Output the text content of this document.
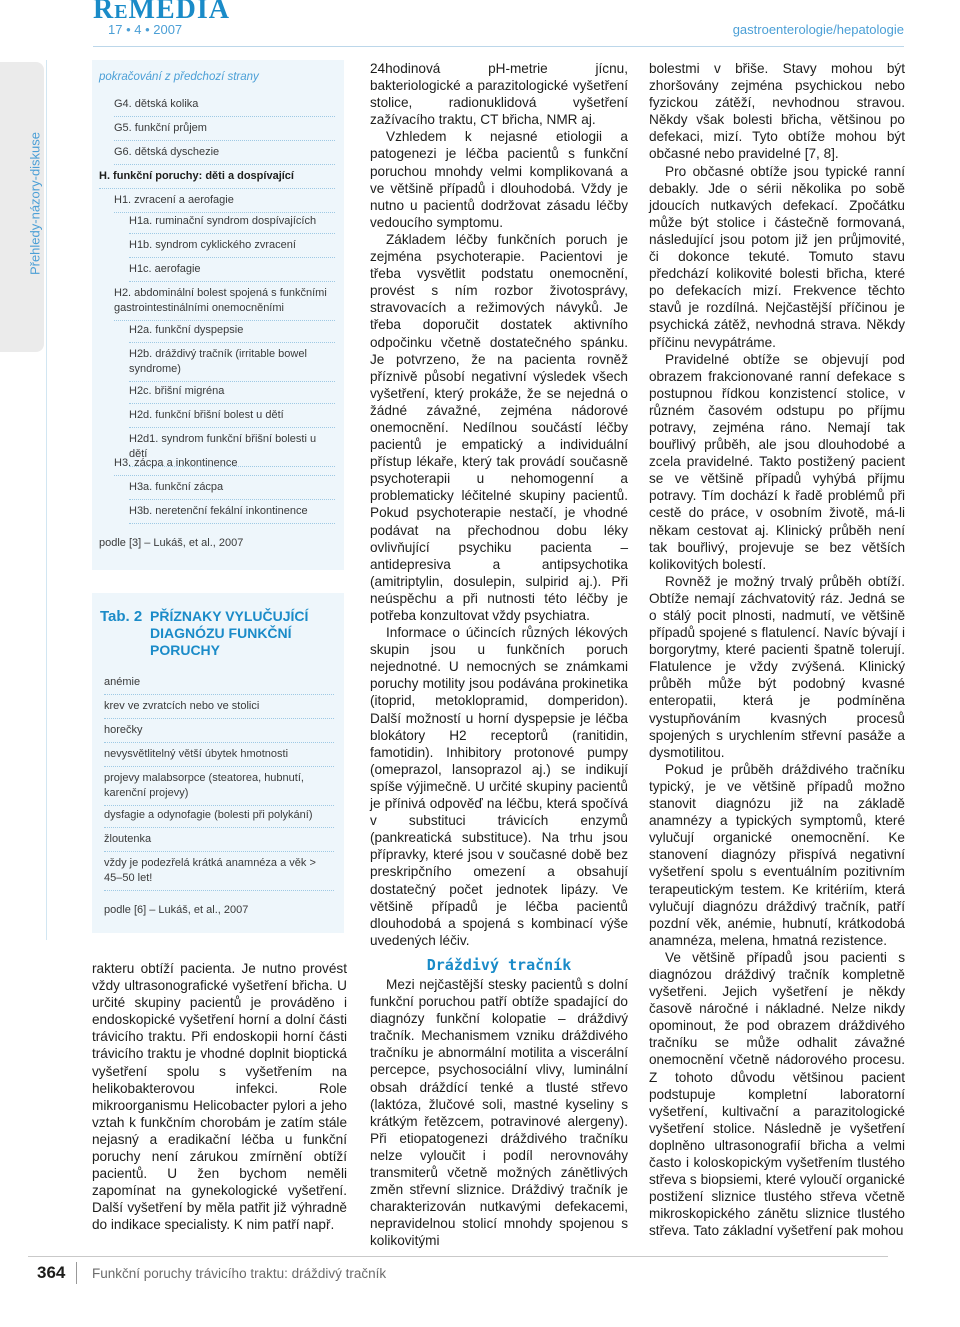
ReMEDIA
17 • 4 • 2007	gastroenterologie/hepatologie
Přehledy-názory-diskuse
pokračování z předchozí strany
G4. dětská kolika
G5. funkční průjem
G6. dětská dyschezie
H. funkční poruchy: děti a dospívající
H1. zvracení a aerofagie
H1a. ruminační syndrom dospívajících
H1b. syndrom cyklického zvracení
H1c. aerofagie
H2. abdominální bolest spojená s funkčními gastrointestinálními onemocněními
H2a. funkční dyspepsie
H2b. dráždivý tračník (irritable bowel syndrome)
H2c. břišní migréna
H2d. funkční břišní bolest u dětí
H2d1. syndrom funkční břišní bolesti u dětí
H3. zácpa a inkontinence
H3a. funkční zácpa
H3b. neretenční fekální inkontinence
podle [3] – Lukáš, et al., 2007
Tab. 2 PŘÍZNAKY VYLUČUJÍCÍ DIAGNÓZU FUNKČNÍ PORUCHY
anémie
krev ve zvratcích nebo ve stolici
horečky
nevysvětlitelný větší úbytek hmotnosti
projevy malabsorpce (steatorea, hubnutí, karenční projevy)
dysfagie a odynofagie (bolesti při polykání)
žloutenka
vždy je podezřelá krátká anamnéza a věk > 45–50 let!
podle [6] – Lukáš, et al., 2007

rakteru obtíží pacienta. Je nutno provést vždy ultrasonografické vyšetření břicha. U určité skupiny pacientů je prováděno i endoskopické vyšetření horní a dolní části trávicího traktu. Při endoskopii horní části trávicího traktu je vhodné doplnit bioptická vyšetření spolu s vyšetřením na helikobakterovou infekci. Role mikroorganismu Helicobacter pylori a jeho vztah k funkčním chorobám je zatím stále nejasný a eradikační léčba u funkční poruchy není zárukou zmírnění obtíží pacientů. U žen bychom neměli zapomínat na gynekologické vyšetření. Další vyšetření by měla patřit již výhradně do indikace specialisty. K nim patří např.

24hodinová pH-metrie jícnu, bakteriologické a parazitologické vyšetření stolice, radionuklidová vyšetření zažívacího traktu, CT břicha, NMR aj.

Vzhledem k nejasné etiologii a patogenezi je léčba pacientů s funkční poruchou mnohdy velmi komplikovaná a ve většině případů i dlouhodobá. Vždy je nutno u pacientů dodržovat zásadu léčby vedoucího symptomu.

Základem léčby funkčních poruch je zejména psychoterapie. Pacientovi je třeba vysvětlit podstatu onemocnění, provést s ním rozbor životosprávy, stravovacích a režimových návyků. Je třeba doporučit dostatek aktivního odpočinku včetně dostatečného spánku. Je potvrzeno, že na pacienta rovněž příznivě působí negativní výsledek všech vyšetření, který prokáže, že se nejedná o žádné závažné, zejména nádorové onemocnění. Nedílnou součástí léčby pacientů je empatický a individuální přístup lékaře, který tak provádí současně psychoterapii u nehomogenní a problematicky léčitelné skupiny pacientů. Pokud psychoterapie nestačí, je vhodné podávat na přechodnou dobu léky ovlivňující psychiku pacienta – antidepresiva a antipsychotika (amitriptylin, dosulepin, sulpirid aj.). Při neúspěchu a při nutnosti této léčby je potřeba konzultovat vždy psychiatra.

Informace o účincích různých lékových skupin jsou u funkčních poruch nejednotné. U nemocných se známkami poruchy motility jsou podávána prokinetika (itoprid, metoklopramid, domperidon). Další možností u horní dyspepsie je léčba blokátory H2 receptorů (ranitidin, famotidin). Inhibitory protonové pumpy (omeprazol, lansoprazol aj.) se indikují spíše výjimečně. U určité skupiny pacientů je přínivá odpověď na léčbu, která spočívá v substituci trávicích enzymů (pankreatická substituce). Na trhu jsou přípravky, které jsou v současné době bez preskripčního omezení a obsahují dostatečný počet jednotek lipázy. Ve většině případů je léčba pacientů dlouhodobá a spojená s kombinací výše uvedených léčiv.

Dráždivý tračník

Mezi nejčastější stesky pacientů s dolní funkční poruchou patří obtíže spadající do diagnózy funkční kolopatie – dráždivý tračník. Mechanismem vzniku dráždivého tračníku je abnormální motilita a viscerální percepce, psychosociální vlivy, luminální obsah dráždící tenké a tlusté střevo (laktóza, žlučové soli, mastné kyseliny s krátkým řetězcem, potravinové alergeny). Při etiopatogenezi dráždivého tračníku nelze vyloučit i podíl nerovnováhy transmiterů včetně možných zánětlivých změn střevní sliznice. Dráždivý tračník je charakterizován nutkavými defekacemi, nepravidelnou stolicí mnohdy spojenou s kolikovitými

bolestmi v břiše. Stavy mohou být zhoršovány zejména psychickou nebo fyzickou zátěží, nevhodnou stravou. Někdy však bolesti břicha, většinou po defekaci, mizí. Tyto obtíže mohou být občasné nebo pravidelné [7, 8].

Pro občasné obtíže jsou typické ranní debakly. Jde o sérii několika po sobě jdoucích nutkavých defekací. Zpočátku může být stolice i částečně formovaná, následující jsou potom již jen průjmovité, či dokonce tekuté. Tomuto stavu předchází kolikovité bolesti břicha, které po defekacích mizí. Frekvence těchto stavů je rozdílná. Nejčastější příčinou je psychická zátěž, nevhodná strava. Někdy příčinu nevypátráme.

Pravidelné obtíže se objevují pod obrazem frakcionované ranní defekace s postupnou řídkou konzistencí stolice, v různém časovém odstupu po příjmu potravy, zejména ráno. Nemají tak bouřlivý průběh, ale jsou dlouhodobé a zcela pravidelné. Takto postižený pacient se ve většině případů vyhýbá příjmu potravy. Tím dochází k řadě problémů při cestě do práce, v osobním životě, má-li někam cestovat aj. Klinický průběh není tak bouřlivý, projevuje se bez větších kolikovitých bolestí.

Rovněž je možný trvalý průběh obtíží. Obtíže nemají záchvatovitý ráz. Jedná se o stálý pocit plnosti, nadmutí, ve většině případů spojené s flatulencí. Navíc bývají i borgorytmy, které pacienti špatně tolerují. Flatulence je vždy zvýšená. Klinický průběh může být podobný kvasné enteropatii, která je podmíněna vystupňováním kvasných procesů spojených s urychlením střevní pasáže a dysmotilitou.

Pokud je průběh dráždivého tračníku typický, je ve většině případů možno stanovit diagnózu již na základě anamnézy a typických symptomů, které vylučují organické onemocnění. Ke stanovení diagnózy přispívá negativní vyšetření spolu s eventuálním pozitivním terapeutickým testem. Ke kritériím, která vylučují diagnózu dráždivý tračník, patří pozdní věk, anémie, hubnutí, krátkodobá anamnéza, melena, hmatná rezistence.

Ve většině případů jsou pacienti s diagnózou dráždivý tračník kompletně vyšetřeni. Jejich vyšetření je někdy časově náročné i nákladné. Nelze nikdy opominout, že pod obrazem dráždivého tračníku se může odhalit závažné onemocnění včetně nádorového procesu. Z tohoto důvodu většinou pacient podstupuje kompletní laboratorní vyšetření, kultivační a parazitologické vyšetření stolice. Následně je vyšetření doplněno ultrasonografií břicha a velmi často i koloskopickým vyšetřením tlustého střeva s biopsiemi, které vyloučí organické postižení sliznice tlustého střeva včetně mikroskopického zánětu sliznice tlustého střeva. Tato základní vyšetření pak mohou

364 Funkční poruchy trávicího traktu: dráždivý tračník
